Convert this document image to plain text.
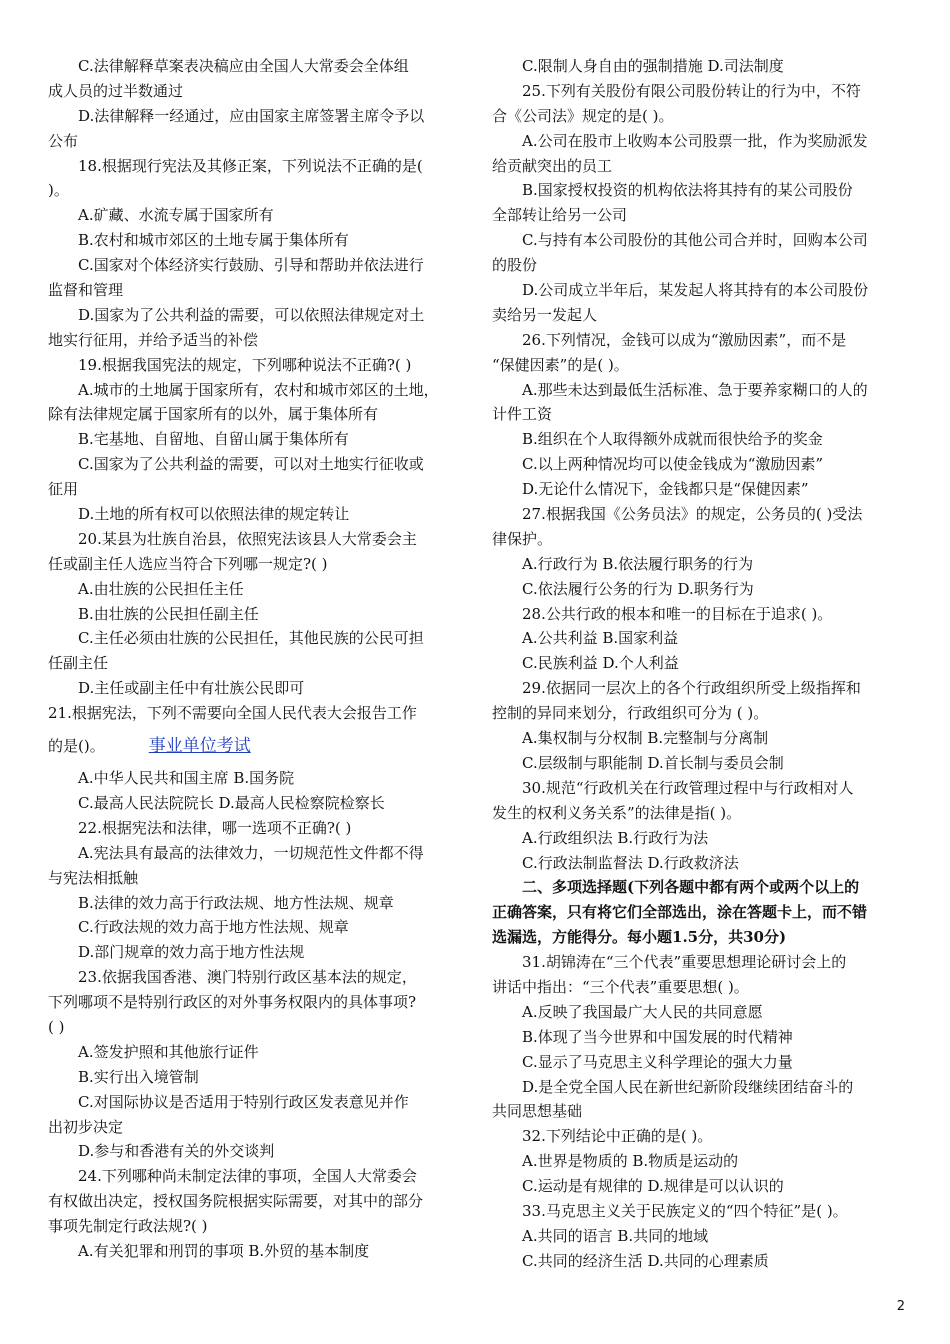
C.法律解释草案表决稿应由全国人大常委会全体组
成人员的过半数通过
D.法律解释一经通过，应由国家主席签署主席令予以
公布
18.根据现行宪法及其修正案，下列说法不正确的是(
)。
A.矿藏、水流专属于国家所有
B.农村和城市郊区的土地专属于集体所有
C.国家对个体经济实行鼓励、引导和帮助并依法进行
监督和管理
D.国家为了公共利益的需要，可以依照法律规定对土
地实行征用，并给予适当的补偿
19.根据我国宪法的规定，下列哪种说法不正确?( )
A.城市的土地属于国家所有，农村和城市郊区的土地，
除有法律规定属于国家所有的以外，属于集体所有
B.宅基地、自留地、自留山属于集体所有
C.国家为了公共利益的需要，可以对土地实行征收或
征用
D.土地的所有权可以依照法律的规定转让
20.某县为壮族自治县，依照宪法该县人大常委会主
任或副主任人选应当符合下列哪一规定?( )
A.由壮族的公民担任主任
B.由壮族的公民担任副主任
C.主任必须由壮族的公民担任，其他民族的公民可担
任副主任
D.主任或副主任中有壮族公民即可
21.根据宪法，下列不需要向全国人民代表大会报告工作
的是()。	事业单位考试
A.中华人民共和国主席 B.国务院
C.最高人民法院院长 D.最高人民检察院检察长
22.根据宪法和法律，哪一选项不正确?( )
A.宪法具有最高的法律效力，一切规范性文件都不得
与宪法相抵触
B.法律的效力高于行政法规、地方性法规、规章
C.行政法规的效力高于地方性法规、规章
D.部门规章的效力高于地方性法规
23.依据我国香港、澳门特别行政区基本法的规定，
下列哪项不是特别行政区的对外事务权限内的具体事项?
( )
A.签发护照和其他旅行证件
B.实行出入境管制
C.对国际协议是否适用于特别行政区发表意见并作
出初步决定
D.参与和香港有关的外交谈判
24.下列哪种尚未制定法律的事项，全国人大常委会
有权做出决定，授权国务院根据实际需要，对其中的部分
事项先制定行政法规?( )
A.有关犯罪和刑罚的事项 B.外贸的基本制度
C.限制人身自由的强制措施 D.司法制度
25.下列有关股份有限公司股份转让的行为中，不符
合《公司法》规定的是( )。
A.公司在股市上收购本公司股票一批，作为奖励派发
给贡献突出的员工
B.国家授权投资的机构依法将其持有的某公司股份
全部转让给另一公司
C.与持有本公司股份的其他公司合并时，回购本公司
的股份
D.公司成立半年后，某发起人将其持有的本公司股份
卖给另一发起人
26.下列情况，金钱可以成为“激励因素”，而不是
“保健因素”的是( )。
A.那些未达到最低生活标准、急于要养家糊口的人的
计件工资
B.组织在个人取得额外成就而很快给予的奖金
C.以上两种情况均可以使金钱成为“激励因素”
D.无论什么情况下，金钱都只是“保健因素”
27.根据我国《公务员法》的规定，公务员的( )受法
律保护。
A.行政行为 B.依法履行职务的行为
C.依法履行公务的行为 D.职务行为
28.公共行政的根本和唯一的目标在于追求( )。
A.公共利益 B.国家利益
C.民族利益 D.个人利益
29.依据同一层次上的各个行政组织所受上级指挥和
控制的异同来划分，行政组织可分为 ( )。
A.集权制与分权制 B.完整制与分离制
C.层级制与职能制 D.首长制与委员会制
30.规范“行政机关在行政管理过程中与行政相对人
发生的权利义务关系”的法律是指( )。
A.行政组织法 B.行政行为法
C.行政法制监督法 D.行政救济法
二、多项选择题(下列各题中都有两个或两个以上的
正确答案，只有将它们全部选出，涂在答题卡上，而不错
选漏选，方能得分。每小题1.5分，共30分)
31.胡锦涛在“三个代表”重要思想理论研讨会上的
讲话中指出：“三个代表”重要思想( )。
A.反映了我国最广大人民的共同意愿
B.体现了当今世界和中国发展的时代精神
C.显示了马克思主义科学理论的强大力量
D.是全党全国人民在新世纪新阶段继续团结奋斗的
共同思想基础
32.下列结论中正确的是( )。
A.世界是物质的 B.物质是运动的
C.运动是有规律的 D.规律是可以认识的
33.马克思主义关于民族定义的“四个特征”是( )。
A.共同的语言 B.共同的地域
C.共同的经济生活 D.共同的心理素质
2
